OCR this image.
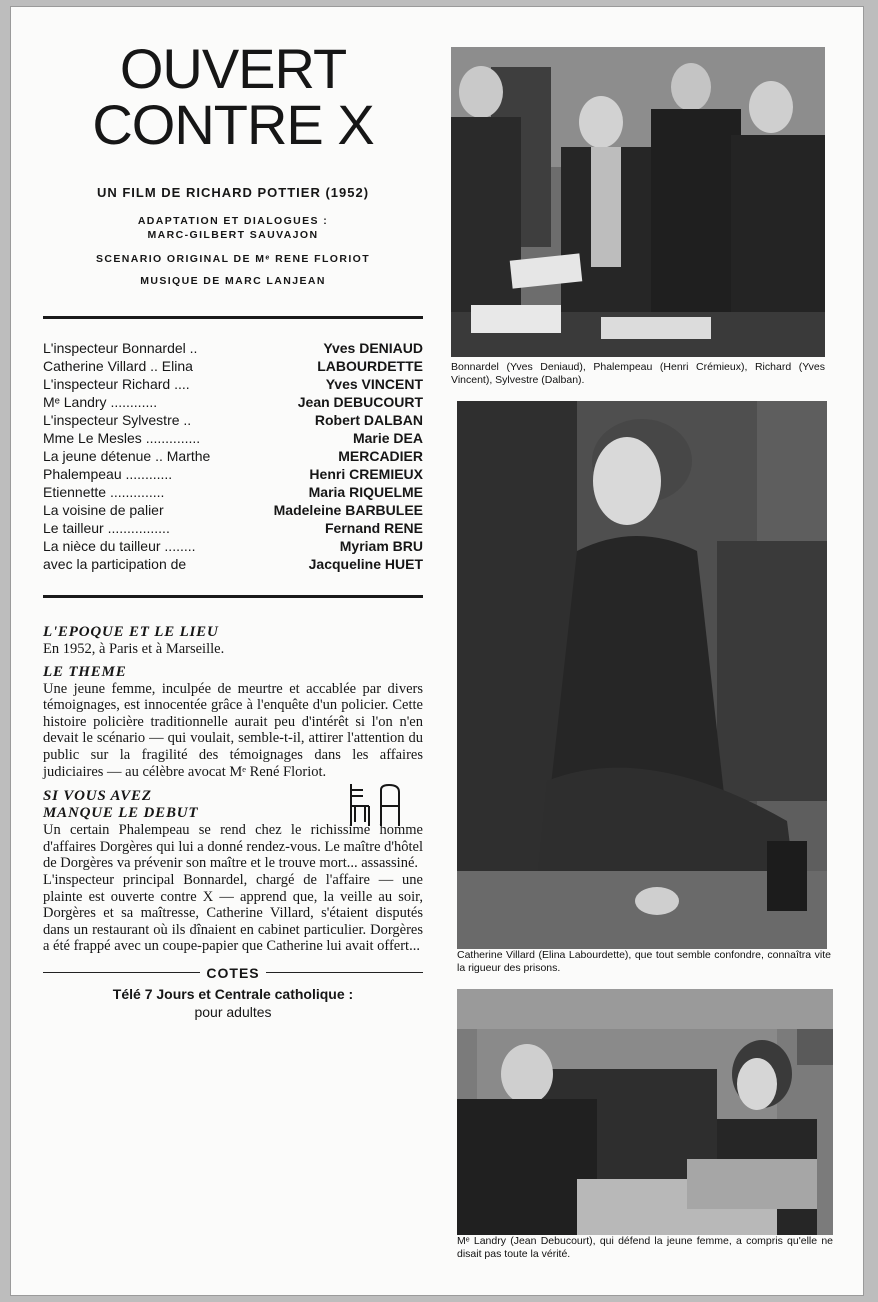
OUVERT
CONTRE X
UN FILM DE RICHARD POTTIER (1952)
ADAPTATION ET DIALOGUES :
MARC-GILBERT SAUVAJON
SCENARIO ORIGINAL DE Mᵉ RENE FLORIOT
MUSIQUE DE MARC LANJEAN
L'inspecteur Bonnardel ..	Yves DENIAUD
Catherine Villard .. Elina	LABOURDETTE
L'inspecteur Richard ....	Yves VINCENT
Mᵉ Landry ............	Jean DEBUCOURT
L'inspecteur Sylvestre ..	Robert DALBAN
Mme Le Mesles ..............	Marie DEA
La jeune détenue .. Marthe	MERCADIER
Phalempeau ............	Henri CREMIEUX
Etiennette ..............	Maria RIQUELME
La voisine de palier	Madeleine BARBULEE
Le tailleur ................	Fernand RENE
La nièce du tailleur ........	Myriam BRU
avec la participation de	Jacqueline HUET
L'EPOQUE ET LE LIEU
En 1952, à Paris et à Marseille.
LE THEME
Une jeune femme, inculpée de meurtre et accablée par divers témoignages, est innocentée grâce à l'enquête d'un policier. Cette histoire policière traditionnelle aurait peu d'intérêt si l'on n'en devait le scénario — qui voulait, semble-t-il, attirer l'attention du public sur la fragilité des témoignages dans les affaires judiciaires — au célèbre avocat Mᵉ René Floriot.
SI VOUS AVEZ
MANQUE LE DEBUT
Un certain Phalempeau se rend chez le richissime homme d'affaires Dorgères qui lui a donné rendez-vous. Le maître d'hôtel de Dorgères va prévenir son maître et le trouve mort... assassiné.
L'inspecteur principal Bonnardel, chargé de l'affaire — une plainte est ouverte contre X — apprend que, la veille au soir, Dorgères et sa maîtresse, Catherine Villard, s'étaient disputés dans un restaurant où ils dînaient en cabinet particulier. Dorgères a été frappé avec un coupe-papier que Catherine lui avait offert...
COTES
Télé 7 Jours et Centrale catholique :
pour adultes
Bonnardel (Yves Deniaud), Phalempeau (Henri Crémieux), Richard (Yves Vincent), Sylvestre (Dalban).
Catherine Villard (Elina Labourdette), que tout semble confondre, connaîtra vite la rigueur des prisons.
Mᵉ Landry (Jean Debucourt), qui défend la jeune femme, a compris qu'elle ne disait pas toute la vérité.
